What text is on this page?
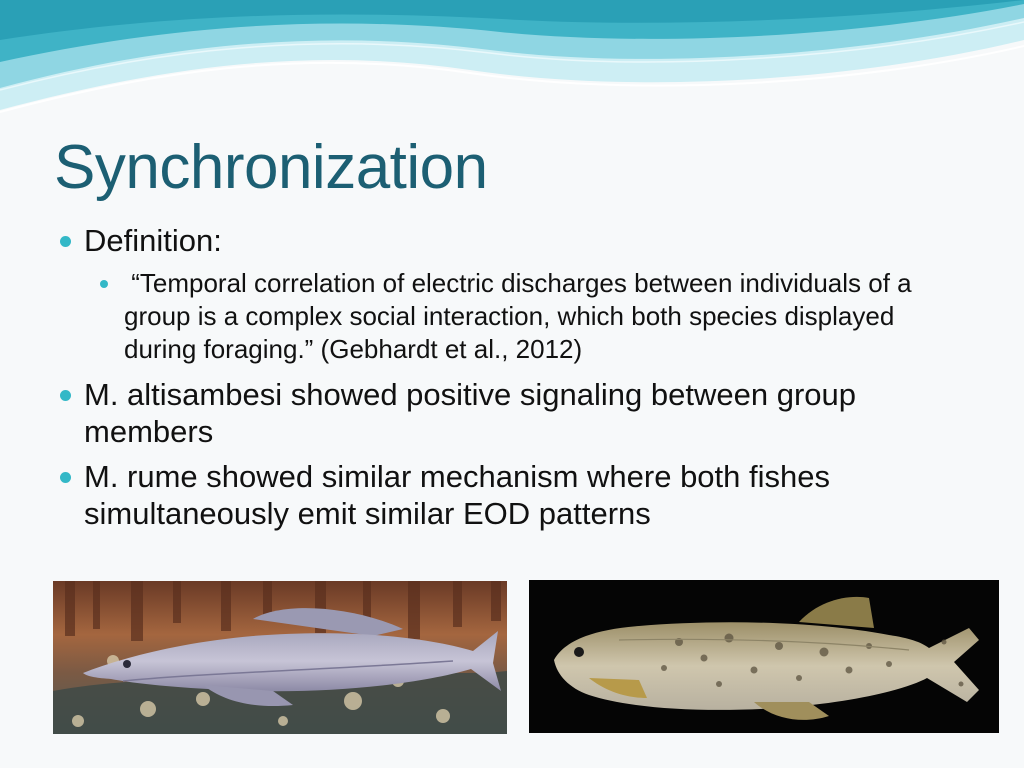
Synchronization
Definition:
“Temporal correlation of electric discharges between individuals of a group is a complex social interaction, which both species displayed during foraging.” (Gebhardt et al., 2012)
M. altisambesi showed positive signaling between group members
M. rume showed similar mechanism where both fishes simultaneously emit similar EOD patterns
